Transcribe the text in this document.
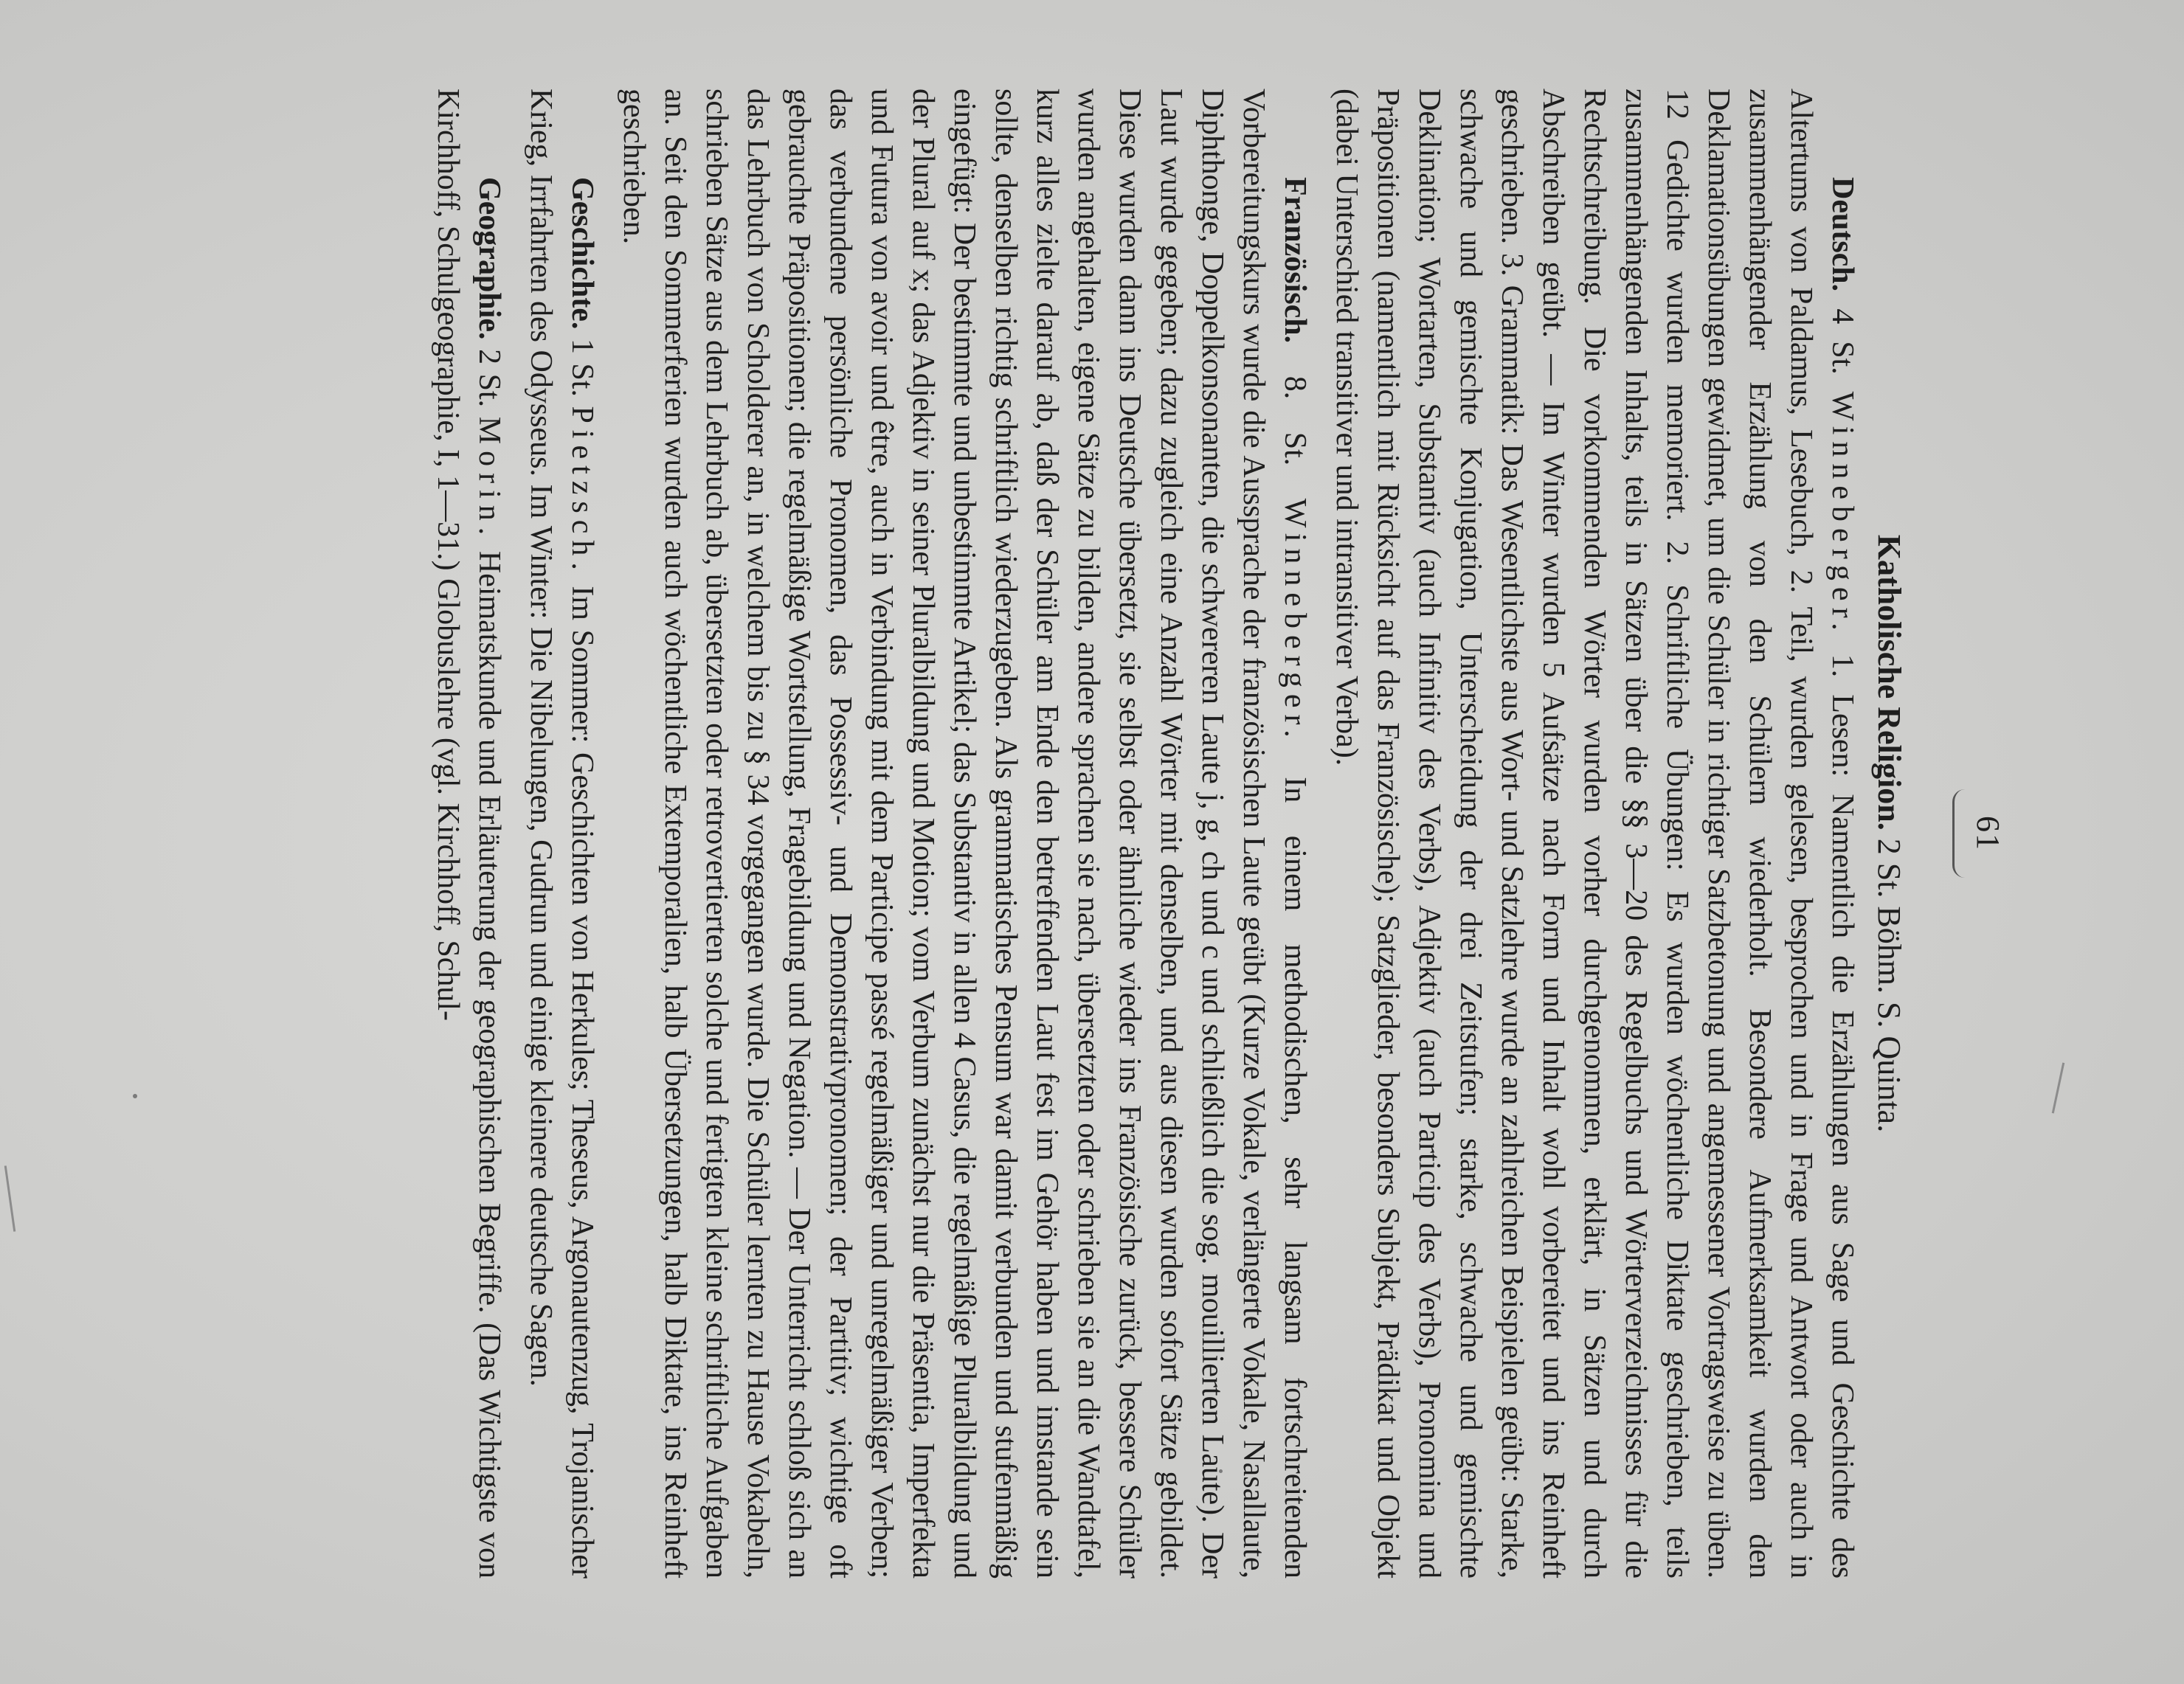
61
Katholische Religion. 2 St. Böhm. S. Quinta.

Deutsch. 4 St. Winneberger. 1. Lesen: Namentlich die Erzählungen aus Sage und Geschichte des Altertums von Paldamus, Lesebuch, 2. Teil, wurden gelesen, besprochen und in Frage und Antwort oder auch in zusammenhängender Erzählung von den Schülern wiederholt. Besondere Aufmerksamkeit wurden den Deklamationsübungen gewidmet, um die Schüler in richtiger Satzbetonung und angemessener Vortragsweise zu üben. 12 Gedichte wurden memoriert. 2. Schriftliche Übungen: Es wurden wöchentliche Diktate geschrieben, teils zusammenhängenden Inhalts, teils in Sätzen über die §§ 3—20 des Regelbuchs und Wörterverzeichnisses für die Rechtschreibung. Die vorkommenden Wörter wurden vorher durchgenommen, erklärt, in Sätzen und durch Abschreiben geübt. — Im Winter wurden 5 Aufsätze nach Form und Inhalt wohl vorbereitet und ins Reinheft geschrieben. 3. Grammatik: Das Wesentlichste aus Wort- und Satzlehre wurde an zahlreichen Beispielen geübt: Starke, schwache und gemischte Konjugation, Unterscheidung der drei Zeitstufen; starke, schwache und gemischte Deklination; Wortarten, Substantiv (auch Infinitiv des Verbs), Adjektiv (auch Particip des Verbs), Pronomina und Präpositionen (namentlich mit Rücksicht auf das Französische); Satzglieder, besonders Subjekt, Prädikat und Objekt (dabei Unterschied transitiver und intransitiver Verba).

Französisch. 8. St. Winneberger. In einem methodischen, sehr langsam fortschreitenden Vorbereitungskurs wurde die Aussprache der französischen Laute geübt (Kurze Vokale, verlängerte Vokale, Nasallaute, Diphthonge, Doppelkonsonanten, die schwereren Laute j, g, ch und c und schließlich die sog. mouillierten Laute). Der Laut wurde gegeben; dazu zugleich eine Anzahl Wörter mit denselben, und aus diesen wurden sofort Sätze gebildet. Diese wurden dann ins Deutsche übersetzt, sie selbst oder ähnliche wieder ins Französische zurück, bessere Schüler wurden angehalten, eigene Sätze zu bilden, andere sprachen sie nach, übersetzten oder schrieben sie an die Wandtafel, kurz alles zielte darauf ab, daß der Schüler am Ende den betreffenden Laut fest im Gehör haben und imstande sein sollte, denselben richtig schriftlich wiederzugeben. Als grammatisches Pensum war damit verbunden und stufenmäßig eingefügt: Der bestimmte und unbestimmte Artikel; das Substantiv in allen 4 Casus, die regelmäßige Pluralbildung und der Plural auf x; das Adjektiv in seiner Pluralbildung und Motion; vom Verbum zunächst nur die Präsentia, Imperfekta und Futura von avoir und être, auch in Verbindung mit dem Participe passé regelmäßiger und unregelmäßiger Verben; das verbundene persönliche Pronomen, das Possessiv- und Demonstrativpronomen; der Partitiv; wichtige oft gebrauchte Präpositionen; die regelmäßige Wortstellung, Fragebildung und Negation. — Der Unterricht schloß sich an das Lehrbuch von Scholderer an, in welchem bis zu § 34 vorgegangen wurde. Die Schüler lernten zu Hause Vokabeln, schrieben Sätze aus dem Lehrbuch ab, übersetzten oder retrovertierten solche und fertigten kleine schriftliche Aufgaben an. Seit den Sommerferien wurden auch wöchentliche Extemporalien, halb Übersetzungen, halb Diktate, ins Reinheft geschrieben.

Geschichte. 1 St. Pietzsch. Im Sommer: Geschichten von Herkules; Theseus, Argonautenzug, Trojanischer Krieg, Irrfahrten des Odysseus. Im Winter: Die Nibelungen, Gudrun und einige kleinere deutsche Sagen.

Geographie. 2 St. Morin. Heimatskunde und Erläuterung der geographischen Begriffe. (Das Wichtigste von Kirchhoff, Schulgeographie, I, 1—31.) Globuslehre (vgl. Kirchhoff, Schul-
